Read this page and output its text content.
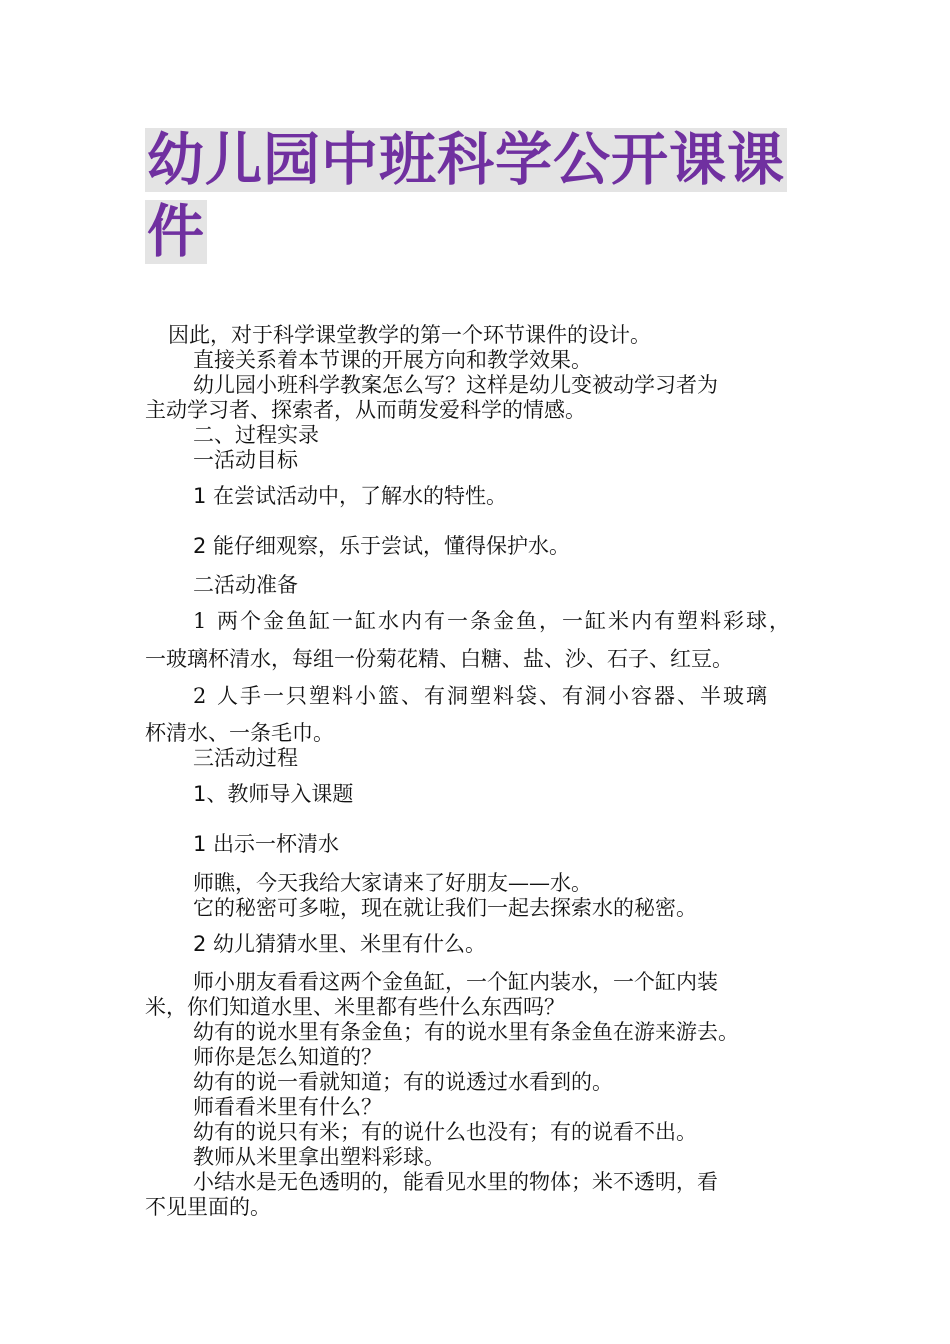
幼儿园中班科学公开课课
件
因此，对于科学课堂教学的第一个环节课件的设计。
直接关系着本节课的开展方向和教学效果。
幼儿园小班科学教案怎么写？这样是幼儿变被动学习者为
主动学习者、探索者，从而萌发爱科学的情感。
二、过程实录
一活动目标
1 在尝试活动中，了解水的特性。
2 能仔细观察，乐于尝试，懂得保护水。
二活动准备
1 两个金鱼缸一缸水内有一条金鱼，一缸米内有塑料彩球，
一玻璃杯清水，每组一份菊花精、白糖、盐、沙、石子、红豆。
2 人手一只塑料小篮、有洞塑料袋、有洞小容器、半玻璃
杯清水、一条毛巾。
三活动过程
1、教师导入课题
1 出示一杯清水
师瞧，今天我给大家请来了好朋友——水。
它的秘密可多啦，现在就让我们一起去探索水的秘密。
2 幼儿猜猜水里、米里有什么。
师小朋友看看这两个金鱼缸，一个缸内装水，一个缸内装
米，你们知道水里、米里都有些什么东西吗？
幼有的说水里有条金鱼；有的说水里有条金鱼在游来游去。
师你是怎么知道的？
幼有的说一看就知道；有的说透过水看到的。
师看看米里有什么？
幼有的说只有米；有的说什么也没有；有的说看不出。
教师从米里拿出塑料彩球。
小结水是无色透明的，能看见水里的物体；米不透明，看
不见里面的。
